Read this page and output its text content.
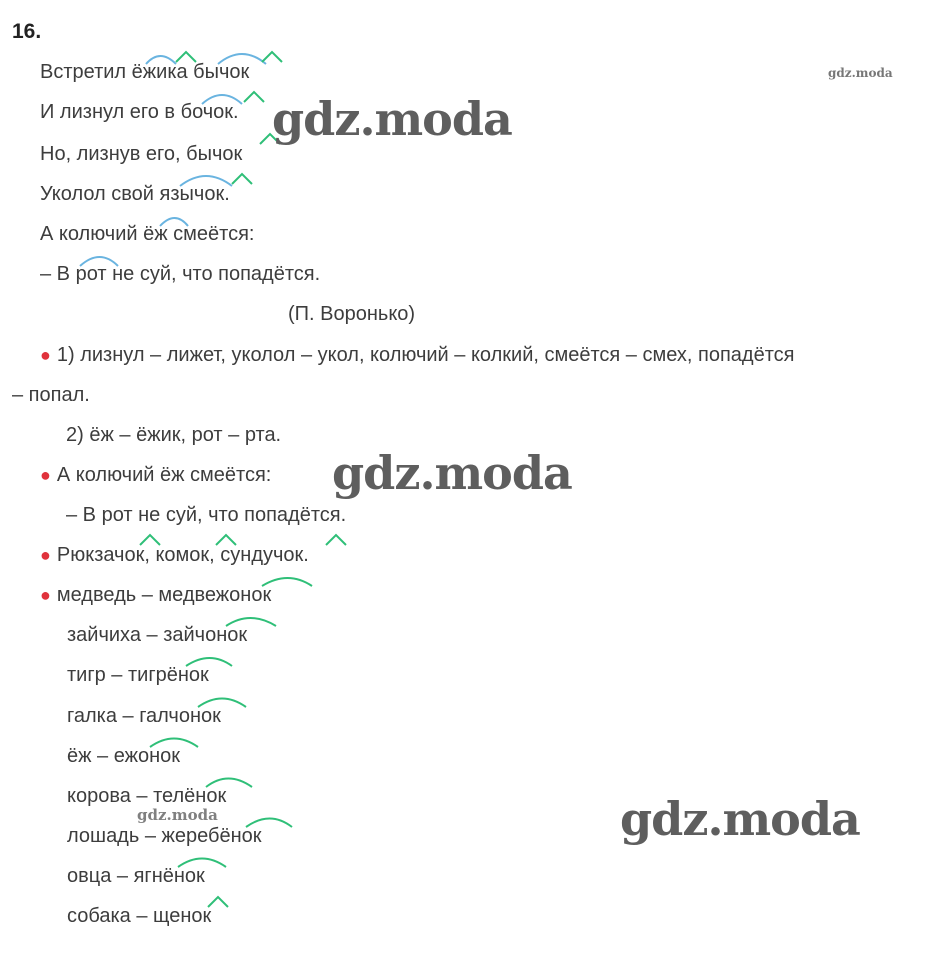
16.
Встретил ёжика бычок
И лизнул его в бочок.
Но, лизнув его, бычок
Уколол свой язычок.
А колючий ёж смеётся:
– В рот не суй, что попадётся.
(П. Воронько)
● 1) лизнул – лижет, уколол – укол, колючий – колкий, смеётся – смех, попадётся
– попал.
2) ёж – ёжик, рот – рта.
● А колючий ёж смеётся:
– В рот не суй, что попадётся.
● Рюкзачок, комок, сундучок.
● медведь – медвежонок
зайчиха – зайчонок
тигр – тигрёнок
галка – галчонок
ёж – ежонок
корова – телёнок
лошадь – жеребёнок
овца – ягнёнок
собака – щенок
gdz.moda
gdz.moda
gdz.moda
gdz.moda
gdz.moda
